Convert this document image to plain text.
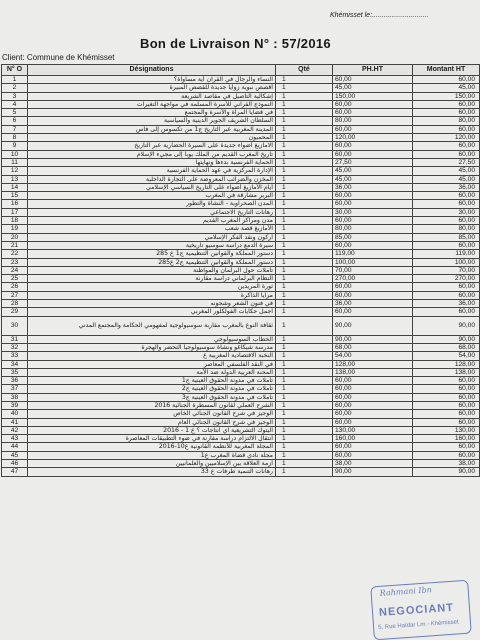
Khémisset le:.............................
Bon de Livraison N° : 57/2016
Client: Commune de Khémisset
N° O	Désignations	Qté	PH.HT	Montant HT
1	النساء والرجال في القرآن أية مساواة؟	1	60,00	60,00
2	أقصص نبوية زوايا جديدة للقصص المبيرة	1	45,00	45,00
3	إشكالية التأصيل في مقاصد الشريعة	1	150,00	150,00
4	النموذج القرآني للأسرة المسلمة في مواجهة التغيرات	1	60,00	60,00
5	في قضايا المرأة والأسرة والمجتمع	1	60,00	60,00
6	السلطان الشريف الجوير الدينية والسياسية	1	80,00	80,00
7	المدينة المغربية عبر التاريخ ج1 من تكسوس إلى فاس	1	60,00	60,00
8	المحميون	1	120,00	120,00
9	الامازيغ أضواء جديدة على السيرة الحضارية عبر التاريخ	1	60,00	60,00
10	تاريخ المغرب القديم من الملك يوبا إلى مجيء الإسلام	1	60,00	60,00
11	الحماية الفرنسية بدءها ونهايتها	1	27,50	27,50
12	الإدارة المركزية في عهد الحماية الفرنسية	1	45,00	45,00
13	المخزن والضرائب المعروضة على التجارة الداخلية	1	45,00	45,00
14	أيام الأمازيغ أضواء على التاريخ السياسي الإسلامي	1	36,00	36,00
15	البربر مشارقة في المغرب	1	60,00	60,00
16	المدن الصحراوية - النشأة والتطور	1	60,00	60,00
17	رهانات التاريخ الاجتماعي	1	30,00	30,00
18	مدن ومراكز المغرب القديم	1	60,00	60,00
19	الأمازيغ قصة شعب	1	80,00	80,00
20	أركون ونقد الفكر الإسلامي	1	85,00	85,00
21	سيرة الدمع دراسة سوسيو تاريخية	1	60,00	60,00
22	دستور المملكة والقوانين التنظيمية ج1 ع 285	1	119,00	119,00
23	دستور المملكة والقوانين التنظيمية ج2 ع285	1	100,00	100,00
24	تأملات حول البرلمان والمواطنة	1	70,00	70,00
25	النظام البرلماني دراسة مقارنة	1	270,00	270,00
26	ثورة المريدين	1	60,00	60,00
27	مرايا الذاكرة	1	60,00	60,00
28	في فنون الشعر وشجونه	1	36,00	36,00
29	أجمل حكايات الفولكلور المغربي	1	60,00	60,00
30	ثقافة النوع بالمغرب مقاربة سوسيولوجية لمفهومي الحكامة والمجتمع المدني	1	90,00	90,00
31	الخطاب السوسيولوجي	1	90,00	90,00
32	مدرسة شيكاغو ونشأة سوسيولوجيا التحضر والهجرة	1	68,00	68,00
33	النخبة الاقتصادية المغربية ع	1	54,00	54,00
34	في النقد الفلسفي المعاصر	1	128,00	128,00
35	المحنة العربية الدولة ضد الأمة	1	138,00	138,00
36	تأملات في مدونة الحقوق العينية ج1	1	60,00	60,00
37	تأملات في مدونة الحقوق العينية ج2	1	60,00	60,00
38	تأملات في مدونة الحقوق العينية ج3	1	60,00	60,00
39	الشرح العملي لقانون المسطرة الجنائية 2016	1	60,00	60,00
40	الوجيز في شرح القانون الجنائي الخاص	1	60,00	60,00
41	الوجيز في شرح القانون الجنائي العام	1	60,00	60,00
42	اليتوك التشريعية أي انتاجات ؟ ع 1 - 2016	1	130,00	130,00
43	انتقال الالتزام دراسة مقارنة في ضوء التطبيقات المعاصرة	1	160,00	160,00
44	المجلة المغربية للأنظمة القانونية ع10-2016	1	60,00	60,00
45	مجلة نادي قضاة المغرب ع1	1	60,00	60,00
46	أزمة العلاقة بين الإسلاميين والعلمانيين	1	38,00	38,00
47	رهانات التنمية طرفات ع 33	1	90,00	90,00
Rahmani Ibn
NEGOCIANT
5, Rue Haïdar Lm - Khémisset
